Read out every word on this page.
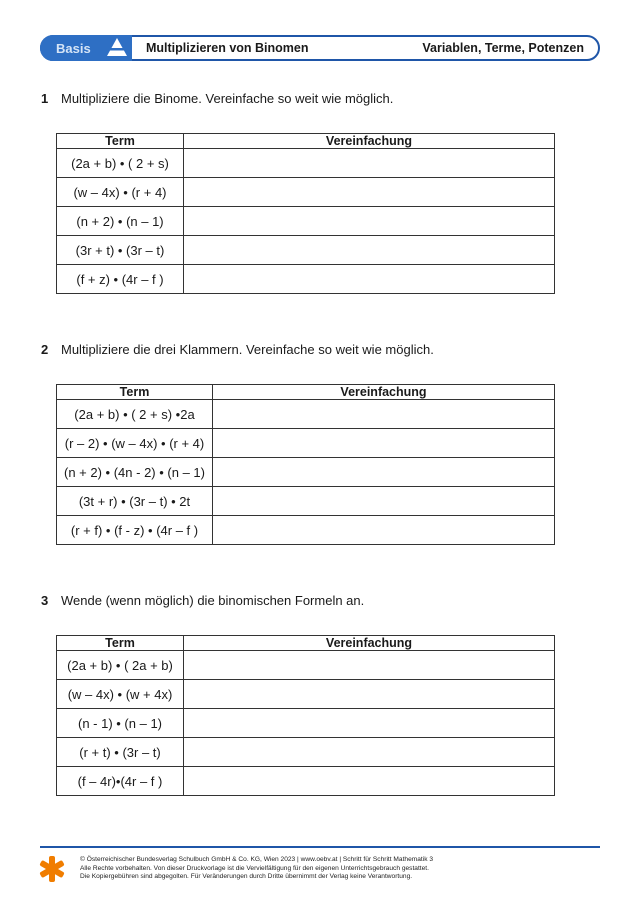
Basis	Multiplizieren von Binomen	Variablen, Terme, Potenzen
1 Multipliziere die Binome. Vereinfache so weit wie möglich.
Term	Vereinfachung
(2a + b) • ( 2 + s)	
(w – 4x) • (r + 4)	
(n + 2) • (n – 1)	
(3r + t) • (3r – t)	
(f + z) • (4r – f )	
2 Multipliziere die drei Klammern. Vereinfache so weit wie möglich.
Term	Vereinfachung
(2a + b) • ( 2 + s) •2a	
(r – 2) • (w – 4x) • (r + 4)	
(n + 2) • (4n - 2) • (n – 1)	
(3t + r) • (3r – t) • 2t	
(r + f) • (f - z) • (4r – f )	
3 Wende (wenn möglich) die binomischen Formeln an.
Term	Vereinfachung
(2a + b) • ( 2a + b)	
(w – 4x) • (w + 4x)	
(n - 1) • (n – 1)	
(r + t) • (3r – t)	
(f – 4r)•(4r – f )	
© Österreichischer Bundesverlag Schulbuch GmbH & Co. KG, Wien 2023 | www.oebv.at | Schritt für Schritt Mathematik 3
Alle Rechte vorbehalten. Von dieser Druckvorlage ist die Vervielfältigung für den eigenen Unterrichtsgebrauch gestattet.
Die Kopiergebühren sind abgegolten. Für Veränderungen durch Dritte übernimmt der Verlag keine Verantwortung.
